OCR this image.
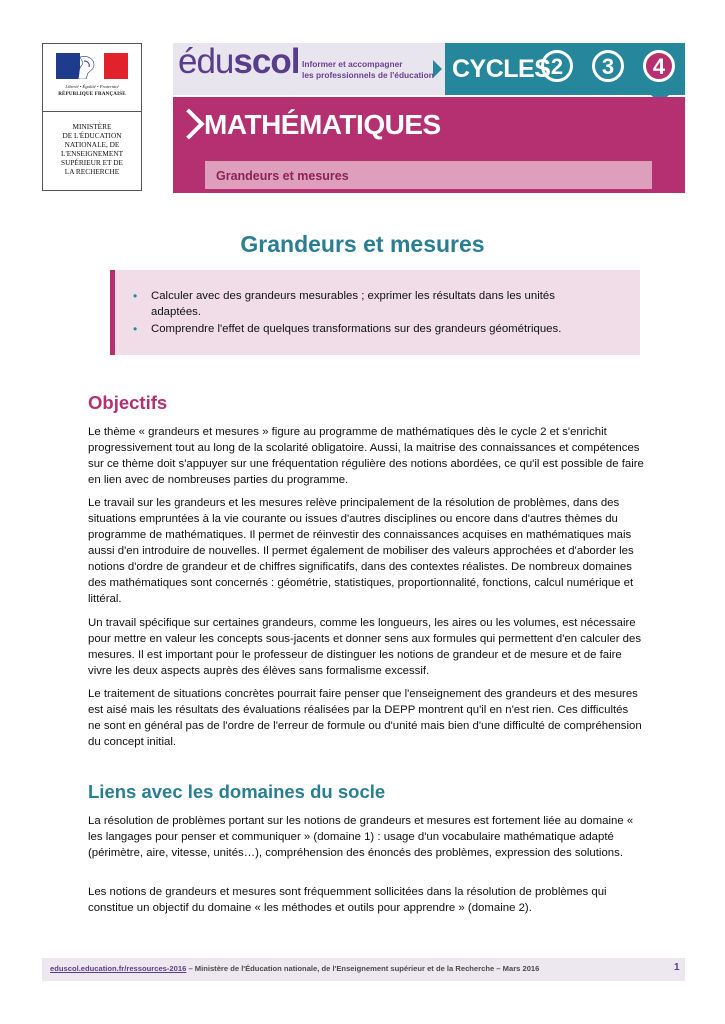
Liberté • Égalité • Fraternité
RÉPUBLIQUE FRANÇAISE
MINISTÈRE
DE L'ÉDUCATION
NATIONALE, DE
L'ENSEIGNEMENT
SUPÉRIEUR ET DE
LA RECHERCHE
éduscol Informer et accompagner
les professionnels de l'éducation CYCLES 2	3	4
MATHÉMATIQUES
Grandeurs et mesures
Grandeurs et mesures
• Calculer avec des grandeurs mesurables ; exprimer les résultats dans les unités adaptées.
• Comprendre l'effet de quelques transformations sur des grandeurs géométriques.
Objectifs

Le thème « grandeurs et mesures » figure au programme de mathématiques dès le cycle 2 et s'enrichit progressivement tout au long de la scolarité obligatoire. Aussi, la maitrise des connaissances et compétences sur ce thème doit s'appuyer sur une fréquentation régulière des notions abordées, ce qu'il est possible de faire en lien avec de nombreuses parties du programme.

Le travail sur les grandeurs et les mesures relève principalement de la résolution de problèmes, dans des situations empruntées à la vie courante ou issues d'autres disciplines ou encore dans d'autres thèmes du programme de mathématiques. Il permet de réinvestir des connaissances acquises en mathématiques mais aussi d'en introduire de nouvelles. Il permet également de mobiliser des valeurs approchées et d'aborder les notions d'ordre de grandeur et de chiffres significatifs, dans des contextes réalistes. De nombreux domaines des mathématiques sont concernés : géométrie, statistiques, proportionnalité, fonctions, calcul numérique et littéral.

Un travail spécifique sur certaines grandeurs, comme les longueurs, les aires ou les volumes, est nécessaire pour mettre en valeur les concepts sous-jacents et donner sens aux formules qui permettent d'en calculer des mesures. Il est important pour le professeur de distinguer les notions de grandeur et de mesure et de faire vivre les deux aspects auprès des élèves sans formalisme excessif.

Le traitement de situations concrètes pourrait faire penser que l'enseignement des grandeurs et des mesures est aisé mais les résultats des évaluations réalisées par la DEPP montrent qu'il en n'est rien. Ces difficultés ne sont en général pas de l'ordre de l'erreur de formule ou d'unité mais bien d'une difficulté de compréhension du concept initial.

Liens avec les domaines du socle

La résolution de problèmes portant sur les notions de grandeurs et mesures est fortement liée au domaine « les langages pour penser et communiquer » (domaine 1) : usage d'un vocabulaire mathématique adapté (périmètre, aire, vitesse, unités…), compréhension des énoncés des problèmes, expression des solutions.

Les notions de grandeurs et mesures sont fréquemment sollicitées dans la résolution de problèmes qui constitue un objectif du domaine « les méthodes et outils pour apprendre » (domaine 2).

eduscol.education.fr/ressources-2016 – Ministère de l'Éducation nationale, de l'Enseignement supérieur et de la Recherche – Mars 2016	1
